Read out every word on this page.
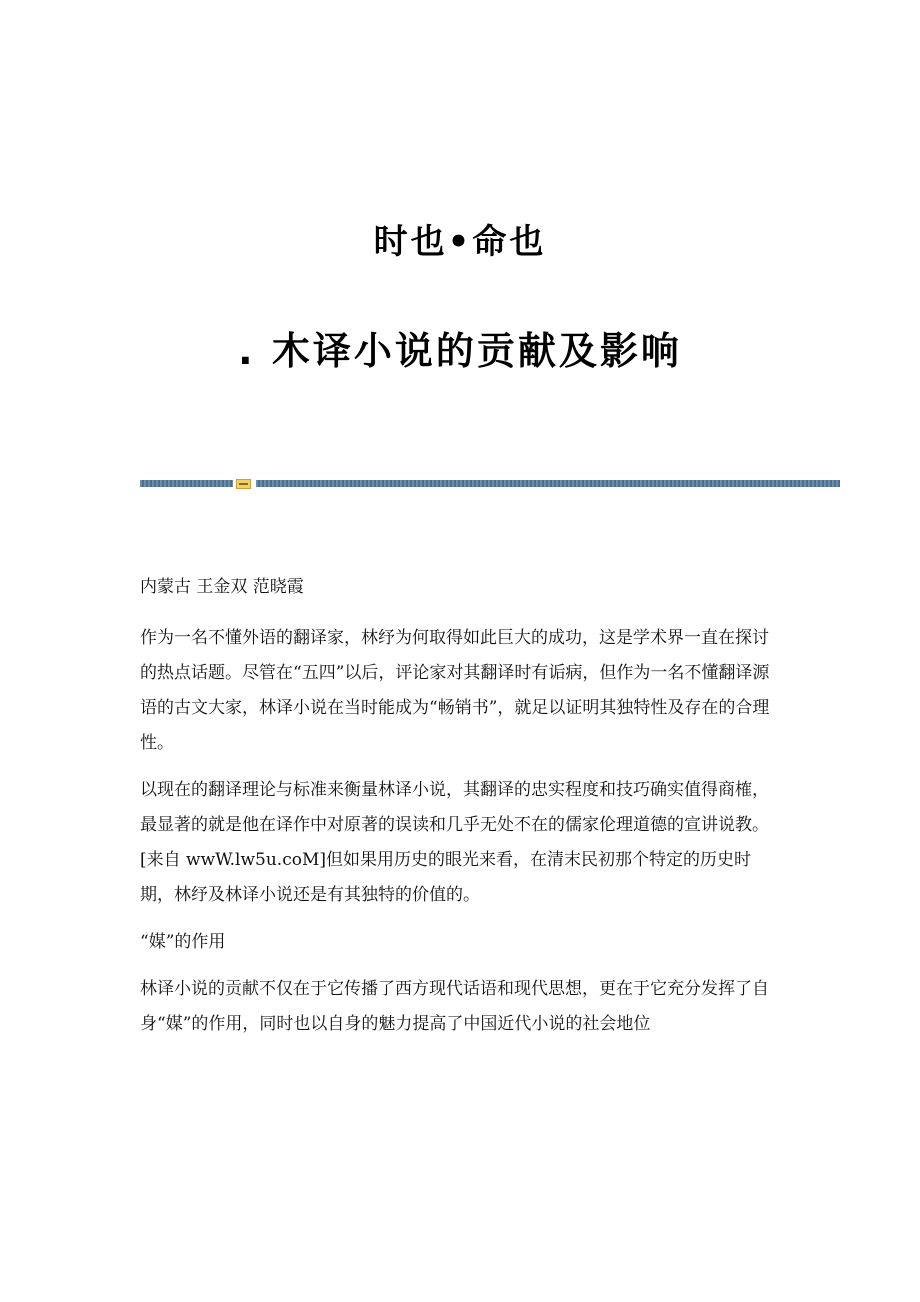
时也•命也
. 木译小说的贡献及影响

内蒙古 王金双 范晓霞

作为一名不懂外语的翻译家，林纾为何取得如此巨大的成功，这是学术界一直在探讨的热点话题。尽管在“五四”以后，评论家对其翻译时有诟病，但作为一名不懂翻译源语的古文大家，林译小说在当时能成为“畅销书”，就足以证明其独特性及存在的合理性。

以现在的翻译理论与标准来衡量林译小说，其翻译的忠实程度和技巧确实值得商榷，最显著的就是他在译作中对原著的误读和几乎无处不在的儒家伦理道德的宣讲说教。[来自 wwW.lw5u.coM]但如果用历史的眼光来看，在清末民初那个特定的历史时期，林纾及林译小说还是有其独特的价值的。

“媒”的作用

林译小说的贡献不仅在于它传播了西方现代话语和现代思想，更在于它充分发挥了自身“媒”的作用，同时也以自身的魅力提高了中国近代小说的社会地位
